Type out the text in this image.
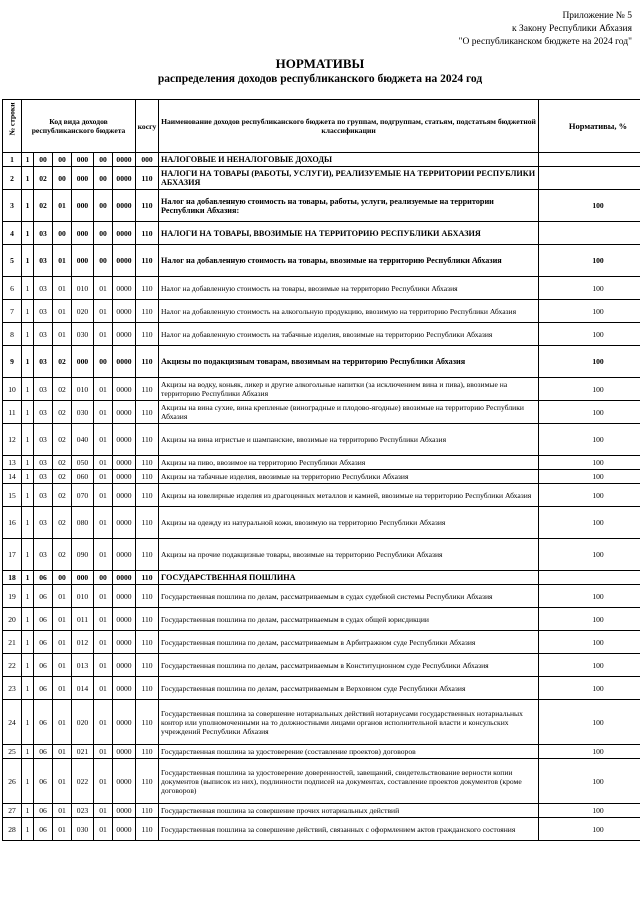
Приложение № 5
к Закону Республики Абхазия
"О республиканском бюджете на 2024 год"
НОРМАТИВЫ
распределения доходов республиканского бюджета на 2024 год
№ строки	Код вида доходов республиканского бюджета						косгу	Наименование доходов республиканского бюджета по группам, подгруппам, статьям, подстатьям бюджетной классификации	Нормативы, %
1	1	00	00	000	00	0000	000	НАЛОГОВЫЕ И НЕНАЛОГОВЫЕ ДОХОДЫ	
2	1	02	00	000	00	0000	110	НАЛОГИ НА ТОВАРЫ (РАБОТЫ, УСЛУГИ), РЕАЛИЗУЕМЫЕ НА ТЕРРИТОРИИ РЕСПУБЛИКИ АБХАЗИЯ	
3	1	02	01	000	00	0000	110	Налог на добавленную стоимость на товары, работы, услуги, реализуемые на территории Республики Абхазия:	100
4	1	03	00	000	00	0000	110	НАЛОГИ НА ТОВАРЫ, ВВОЗИМЫЕ НА ТЕРРИТОРИЮ РЕСПУБЛИКИ АБХАЗИЯ	
5	1	03	01	000	00	0000	110	Налог на добавленную стоимость на товары, ввозимые на территорию Республики Абхазия	100
6	1	03	01	010	01	0000	110	Налог на добавленную стоимость на товары, ввозимые на территорию Республики Абхазия	100
7	1	03	01	020	01	0000	110	Налог на добавленную стоимость на алкогольную продукцию, ввозимую на территорию Республики Абхазия	100
8	1	03	01	030	01	0000	110	Налог на добавленную стоимость на табачные изделия, ввозимые на территорию Республики Абхазия	100
9	1	03	02	000	00	0000	110	Акцизы по подакцизным товарам, ввозимым на территорию Республики Абхазия	100
10	1	03	02	010	01	0000	110	Акцизы на водку, коньяк, ликер и другие алкогольные напитки (за исключением вина и пива), ввозимые на территорию Республики Абхазия	100
11	1	03	02	030	01	0000	110	Акцизы на вина сухие, вина крепленые (виноградные и плодово-ягодные) ввозимые на территорию Республики Абхазия	100
12	1	03	02	040	01	0000	110	Акцизы на вина игристые и шампанские, ввозимые на территорию Республики Абхазия	100
13	1	03	02	050	01	0000	110	Акцизы на пиво, ввозимое на территорию Республики Абхазия	100
14	1	03	02	060	01	0000	110	Акцизы на табачные изделия, ввозимые на территорию Республики Абхазия	100
15	1	03	02	070	01	0000	110	Акцизы на ювелирные изделия из драгоценных металлов и камней, ввозимые на территорию Республики Абхазия	100
16	1	03	02	080	01	0000	110	Акцизы на одежду из натуральной кожи, ввозимую на территорию Республики Абхазия	100
17	1	03	02	090	01	0000	110	Акцизы на прочие подакцизные товары, ввозимые на территорию Республики Абхазия	100
18	1	06	00	000	00	0000	110	ГОСУДАРСТВЕННАЯ ПОШЛИНА	
19	1	06	01	010	01	0000	110	Государственная пошлина по делам, рассматриваемым в судах судебной системы Республики Абхазия	100
20	1	06	01	011	01	0000	110	Государственная пошлина по делам, рассматриваемым в судах общей юрисдикции	100
21	1	06	01	012	01	0000	110	Государственная пошлина по делам, рассматриваемым в Арбитражном суде Республики Абхазия	100
22	1	06	01	013	01	0000	110	Государственная пошлина по делам, рассматриваемым в Конституционном суде Республики Абхазия	100
23	1	06	01	014	01	0000	110	Государственная пошлина по делам, рассматриваемым в Верховном суде Республики Абхазия	100
24	1	06	01	020	01	0000	110	Государственная пошлина за совершение нотариальных действий нотариусами государственных нотариальных контор или уполномоченными на то должностными лицами органов исполнительной власти и консульских учреждений Республики Абхазия	100
25	1	06	01	021	01	0000	110	Государственная пошлина за удостоверение (составление проектов) договоров	100
26	1	06	01	022	01	0000	110	Государственная пошлина за удостоверение доверенностей, завещаний, свидетельствование верности копии документов (выписок из них), подлинности подписей на документах, составление проектов документов (кроме договоров)	100
27	1	06	01	023	01	0000	110	Государственная пошлина за совершение прочих нотариальных действий	100
28	1	06	01	030	01	0000	110	Государственная пошлина за совершение действий, связанных с оформлением актов гражданского состояния	100
